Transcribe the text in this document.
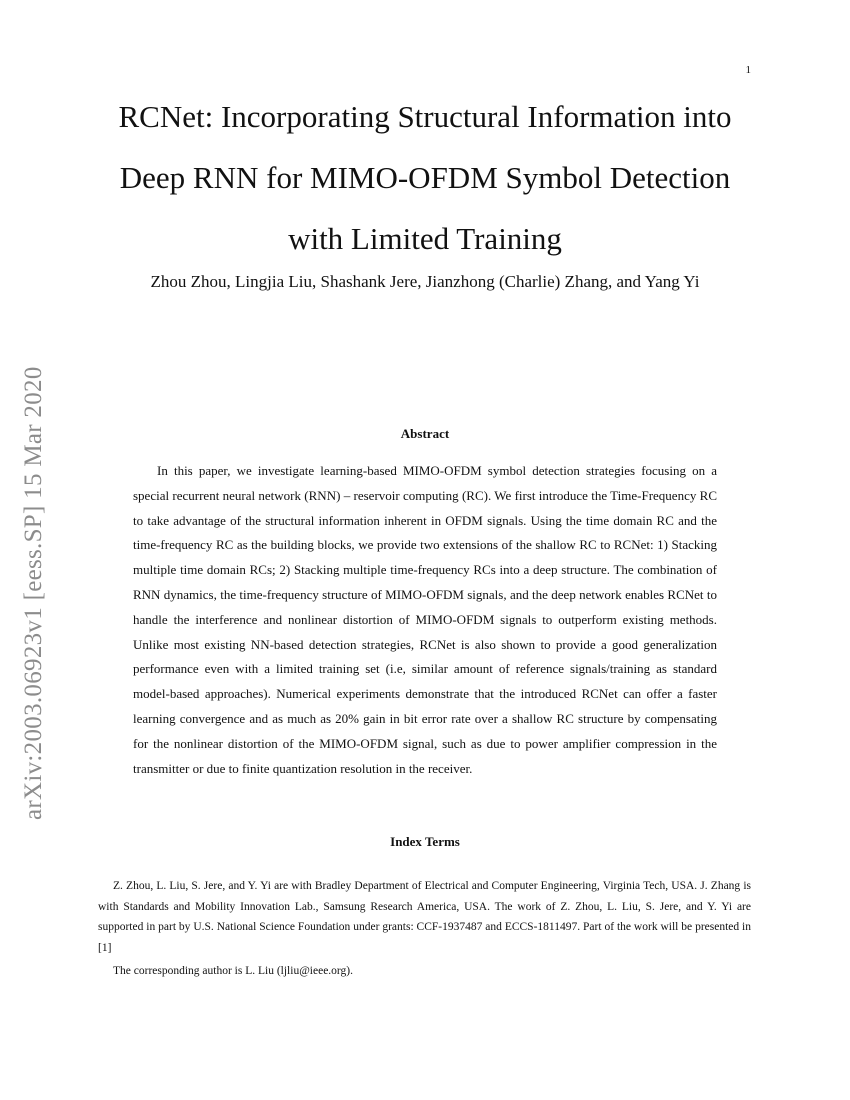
1
arXiv:2003.06923v1 [eess.SP] 15 Mar 2020
RCNet: Incorporating Structural Information into Deep RNN for MIMO-OFDM Symbol Detection with Limited Training
Zhou Zhou, Lingjia Liu, Shashank Jere, Jianzhong (Charlie) Zhang, and Yang Yi
Abstract

In this paper, we investigate learning-based MIMO-OFDM symbol detection strategies focusing on a special recurrent neural network (RNN) – reservoir computing (RC). We first introduce the Time-Frequency RC to take advantage of the structural information inherent in OFDM signals. Using the time domain RC and the time-frequency RC as the building blocks, we provide two extensions of the shallow RC to RCNet: 1) Stacking multiple time domain RCs; 2) Stacking multiple time-frequency RCs into a deep structure. The combination of RNN dynamics, the time-frequency structure of MIMO-OFDM signals, and the deep network enables RCNet to handle the interference and nonlinear distortion of MIMO-OFDM signals to outperform existing methods. Unlike most existing NN-based detection strategies, RCNet is also shown to provide a good generalization performance even with a limited training set (i.e, similar amount of reference signals/training as standard model-based approaches). Numerical experiments demonstrate that the introduced RCNet can offer a faster learning convergence and as much as 20% gain in bit error rate over a shallow RC structure by compensating for the nonlinear distortion of the MIMO-OFDM signal, such as due to power amplifier compression in the transmitter or due to finite quantization resolution in the receiver.

Index Terms

Z. Zhou, L. Liu, S. Jere, and Y. Yi are with Bradley Department of Electrical and Computer Engineering, Virginia Tech, USA. J. Zhang is with Standards and Mobility Innovation Lab., Samsung Research America, USA. The work of Z. Zhou, L. Liu, S. Jere, and Y. Yi are supported in part by U.S. National Science Foundation under grants: CCF-1937487 and ECCS-1811497. Part of the work will be presented in [1]

The corresponding author is L. Liu (ljliu@ieee.org).
